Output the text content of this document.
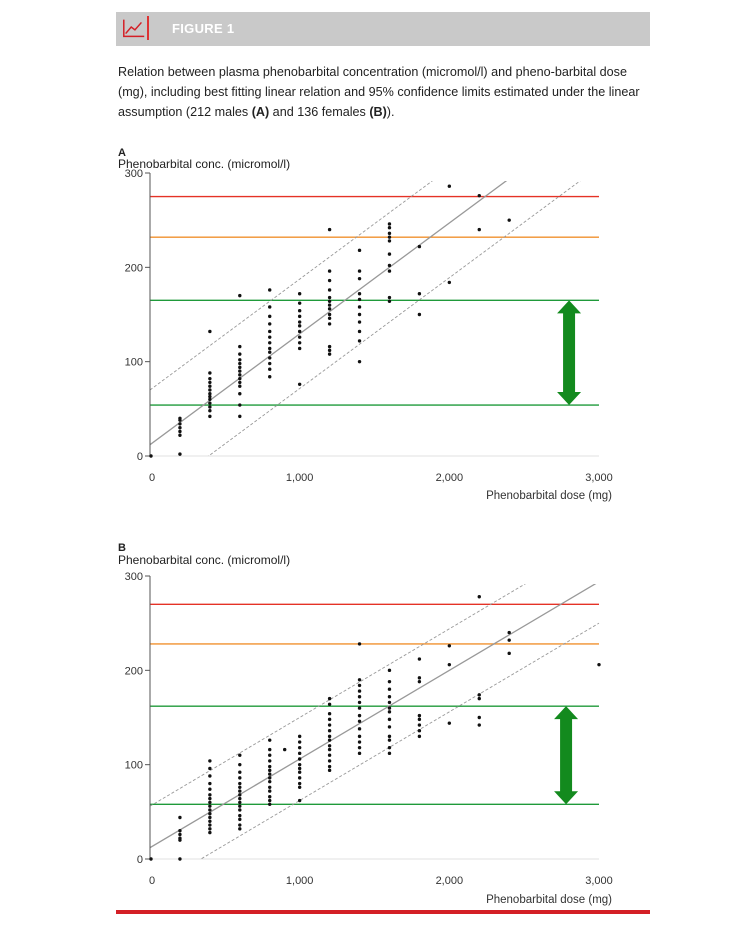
FIGURE 1
Relation between plasma phenobarbital concentration (micromol/l) and pheno-barbital dose (mg), including best fitting linear relation and 95% confidence limits estimated under the linear assumption (212 males (A) and 136 females (B)).
A
Phenobarbital conc. (micromol/l)
0
100
200
300
0	1,000	2,000	3,000
Phenobarbital dose (mg)
B
Phenobarbital conc. (micromol/l)
0
100
200
300
0	1,000	2,000	3,000
Phenobarbital dose (mg)
